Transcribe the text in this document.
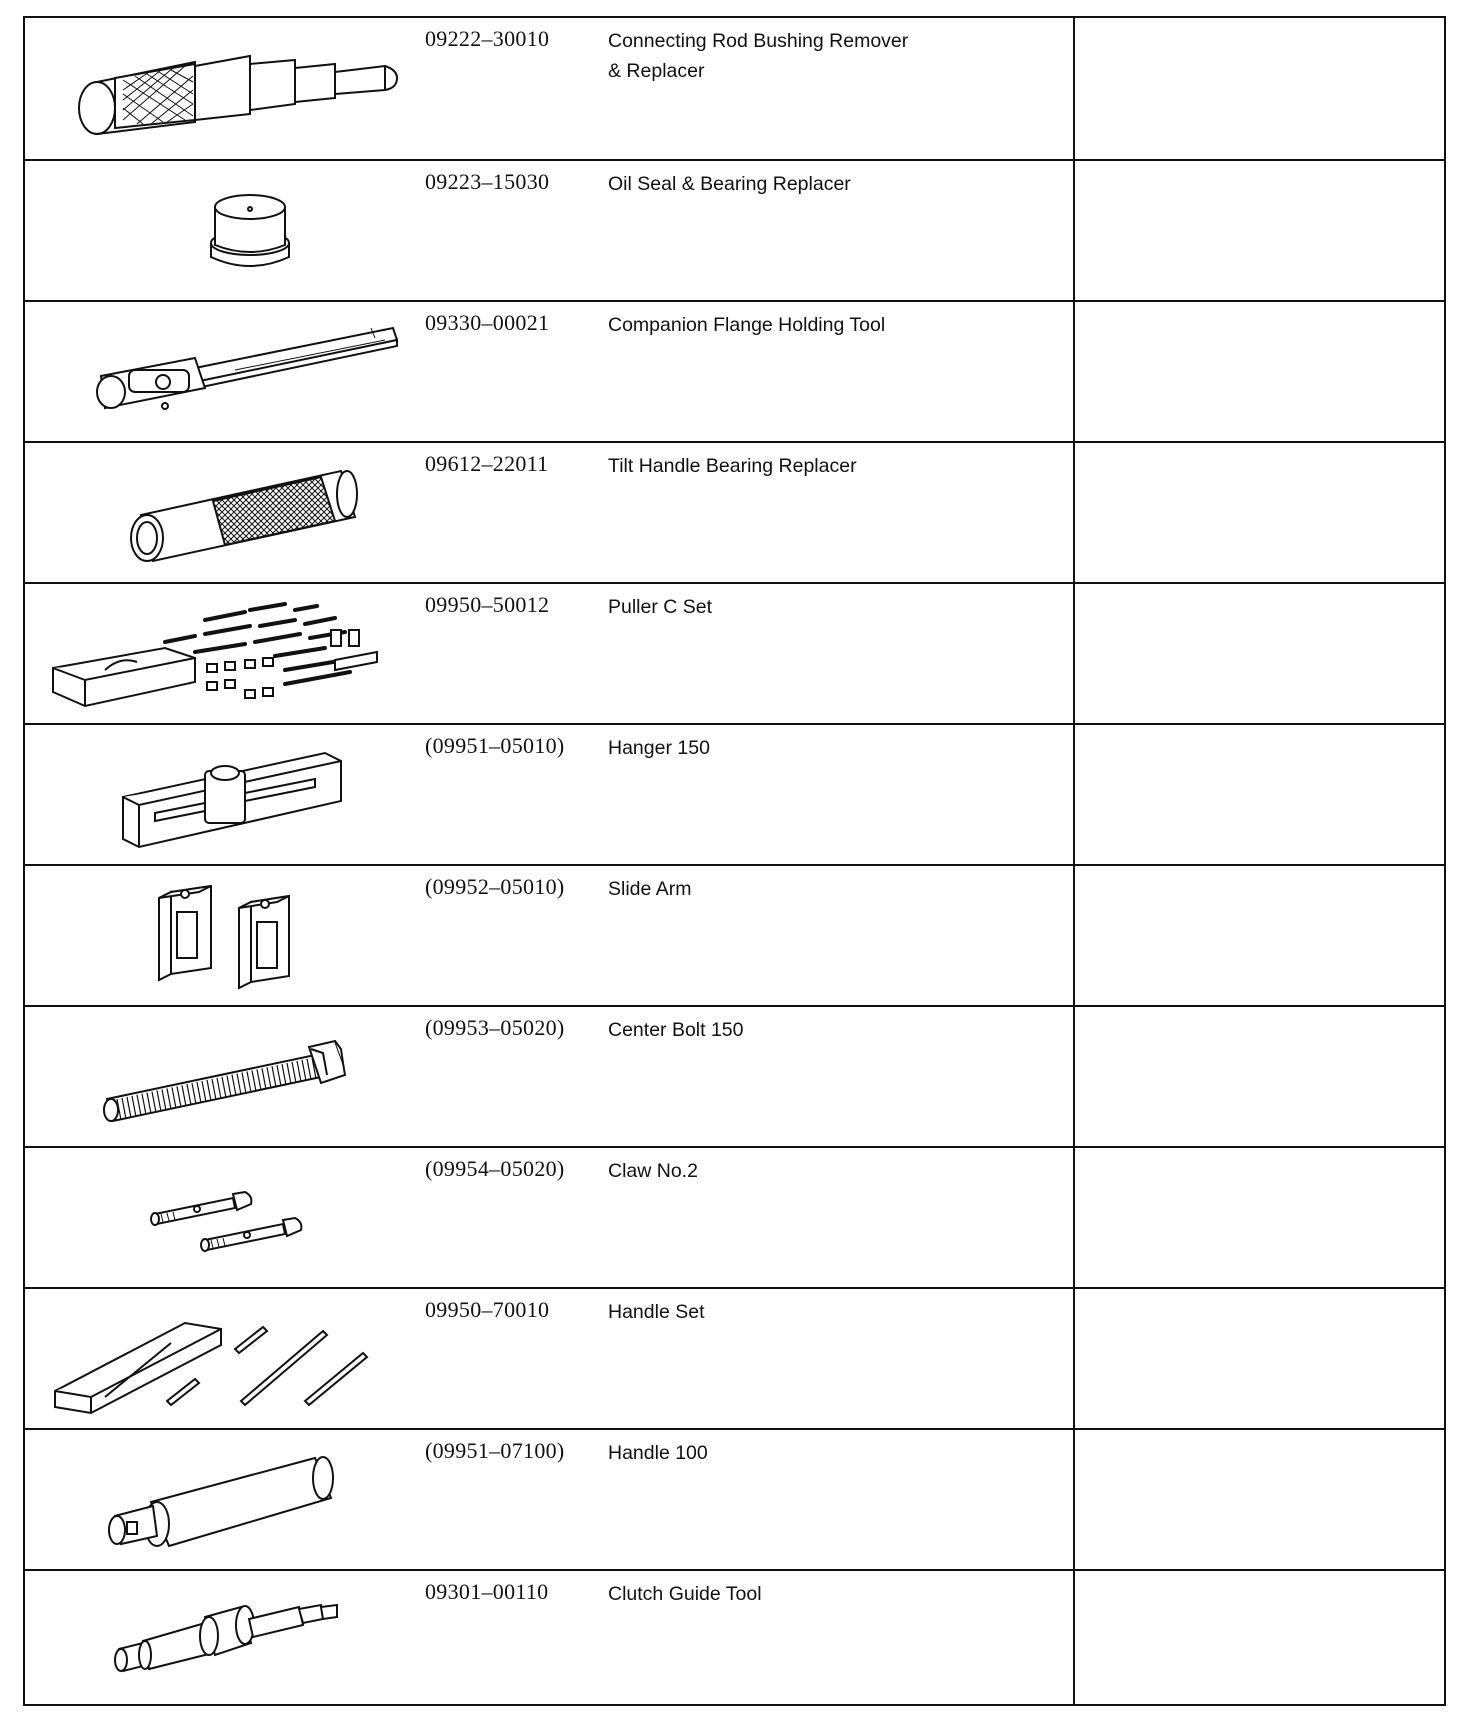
09222–30010	Connecting Rod Bushing Remover
& Replacer
09223–15030	Oil Seal & Bearing Replacer
09330–00021	Companion Flange Holding Tool
09612–22011	Tilt Handle Bearing Replacer
09950–50012	Puller C Set
(09951–05010)	Hanger 150
(09952–05010)	Slide Arm
(09953–05020)	Center Bolt 150
(09954–05020)	Claw No.2
09950–70010	Handle Set
(09951–07100)	Handle 100
09301–00110	Clutch Guide Tool
